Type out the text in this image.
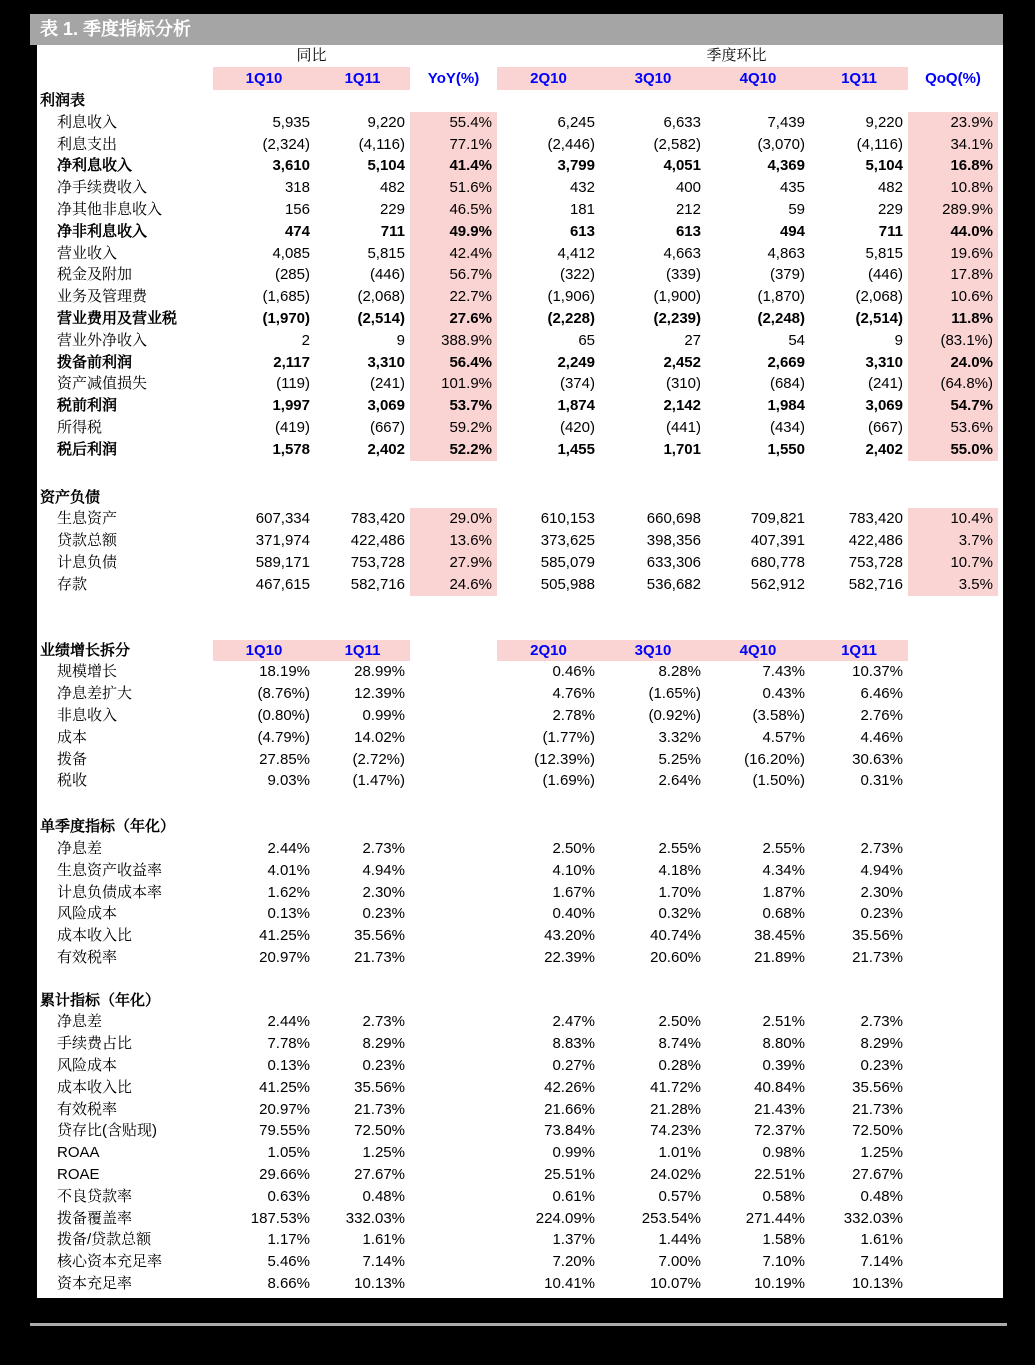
表 1. 季度指标分析
同比	季度环比
1Q10	1Q11	YoY(%)	2Q10	3Q10	4Q10	1Q11	QoQ(%)
利润表
利息收入	5,935	9,220	55.4%	6,245	6,633	7,439	9,220	23.9%
利息支出	(2,324)	(4,116)	77.1%	(2,446)	(2,582)	(3,070)	(4,116)	34.1%
净利息收入	3,610	5,104	41.4%	3,799	4,051	4,369	5,104	16.8%
净手续费收入	318	482	51.6%	432	400	435	482	10.8%
净其他非息收入	156	229	46.5%	181	212	59	229	289.9%
净非利息收入	474	711	49.9%	613	613	494	711	44.0%
营业收入	4,085	5,815	42.4%	4,412	4,663	4,863	5,815	19.6%
税金及附加	(285)	(446)	56.7%	(322)	(339)	(379)	(446)	17.8%
业务及管理费	(1,685)	(2,068)	22.7%	(1,906)	(1,900)	(1,870)	(2,068)	10.6%
营业费用及营业税	(1,970)	(2,514)	27.6%	(2,228)	(2,239)	(2,248)	(2,514)	11.8%
营业外净收入	2	9	388.9%	65	27	54	9	(83.1%)
拨备前利润	2,117	3,310	56.4%	2,249	2,452	2,669	3,310	24.0%
资产减值损失	(119)	(241)	101.9%	(374)	(310)	(684)	(241)	(64.8%)
税前利润	1,997	3,069	53.7%	1,874	2,142	1,984	3,069	54.7%
所得税	(419)	(667)	59.2%	(420)	(441)	(434)	(667)	53.6%
税后利润	1,578	2,402	52.2%	1,455	1,701	1,550	2,402	55.0%
资产负债
生息资产	607,334	783,420	29.0%	610,153	660,698	709,821	783,420	10.4%
贷款总额	371,974	422,486	13.6%	373,625	398,356	407,391	422,486	3.7%
计息负债	589,171	753,728	27.9%	585,079	633,306	680,778	753,728	10.7%
存款	467,615	582,716	24.6%	505,988	536,682	562,912	582,716	3.5%
业绩增长拆分	1Q10	1Q11	2Q10	3Q10	4Q10	1Q11
规模增长	18.19%	28.99%	0.46%	8.28%	7.43%	10.37%
净息差扩大	(8.76%)	12.39%	4.76%	(1.65%)	0.43%	6.46%
非息收入	(0.80%)	0.99%	2.78%	(0.92%)	(3.58%)	2.76%
成本	(4.79%)	14.02%	(1.77%)	3.32%	4.57%	4.46%
拨备	27.85%	(2.72%)	(12.39%)	5.25%	(16.20%)	30.63%
税收	9.03%	(1.47%)	(1.69%)	2.64%	(1.50%)	0.31%
单季度指标（年化）
净息差	2.44%	2.73%	2.50%	2.55%	2.55%	2.73%
生息资产收益率	4.01%	4.94%	4.10%	4.18%	4.34%	4.94%
计息负债成本率	1.62%	2.30%	1.67%	1.70%	1.87%	2.30%
风险成本	0.13%	0.23%	0.40%	0.32%	0.68%	0.23%
成本收入比	41.25%	35.56%	43.20%	40.74%	38.45%	35.56%
有效税率	20.97%	21.73%	22.39%	20.60%	21.89%	21.73%
累计指标（年化）
净息差	2.44%	2.73%	2.47%	2.50%	2.51%	2.73%
手续费占比	7.78%	8.29%	8.83%	8.74%	8.80%	8.29%
风险成本	0.13%	0.23%	0.27%	0.28%	0.39%	0.23%
成本收入比	41.25%	35.56%	42.26%	41.72%	40.84%	35.56%
有效税率	20.97%	21.73%	21.66%	21.28%	21.43%	21.73%
贷存比(含贴现)	79.55%	72.50%	73.84%	74.23%	72.37%	72.50%
ROAA	1.05%	1.25%	0.99%	1.01%	0.98%	1.25%
ROAE	29.66%	27.67%	25.51%	24.02%	22.51%	27.67%
不良贷款率	0.63%	0.48%	0.61%	0.57%	0.58%	0.48%
拨备覆盖率	187.53%	332.03%	224.09%	253.54%	271.44%	332.03%
拨备/贷款总额	1.17%	1.61%	1.37%	1.44%	1.58%	1.61%
核心资本充足率	5.46%	7.14%	7.20%	7.00%	7.10%	7.14%
资本充足率	8.66%	10.13%	10.41%	10.07%	10.19%	10.13%
